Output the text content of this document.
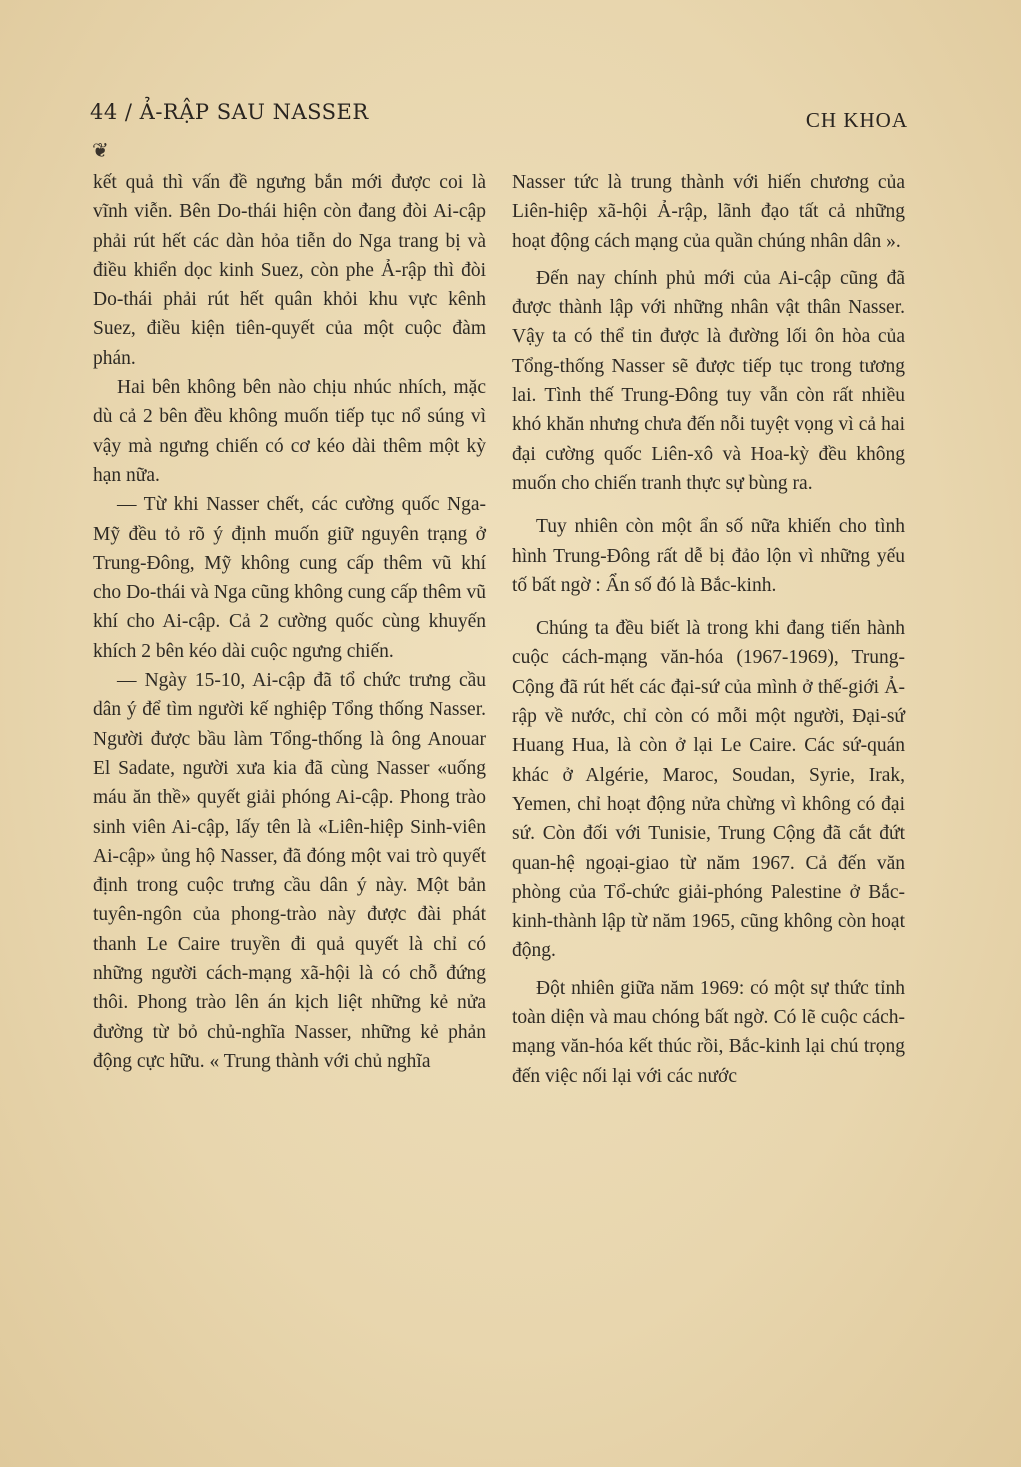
44 / Ả-RẬP SAU NASSER	CH KHOA
❦

kết quả thì vấn đề ngưng bắn mới được coi là vĩnh viễn. Bên Do-thái hiện còn đang đòi Ai-cập phải rút hết các dàn hỏa tiễn do Nga trang bị và điều khiển dọc kinh Suez, còn phe Ả-rập thì đòi Do-thái phải rút hết quân khỏi khu vực kênh Suez, điều kiện tiên-quyết của một cuộc đàm phán.

Hai bên không bên nào chịu nhúc nhích, mặc dù cả 2 bên đều không muốn tiếp tục nổ súng vì vậy mà ngưng chiến có cơ kéo dài thêm một kỳ hạn nữa.

— Từ khi Nasser chết, các cường quốc Nga-Mỹ đều tỏ rõ ý định muốn giữ nguyên trạng ở Trung-Đông, Mỹ không cung cấp thêm vũ khí cho Do-thái và Nga cũng không cung cấp thêm vũ khí cho Ai-cập. Cả 2 cường quốc cùng khuyến khích 2 bên kéo dài cuộc ngưng chiến.

— Ngày 15-10, Ai-cập đã tổ chức trưng cầu dân ý để tìm người kế nghiệp Tổng thống Nasser. Người được bầu làm Tổng-thống là ông Anouar El Sadate, người xưa kia đã cùng Nasser «uống máu ăn thề» quyết giải phóng Ai-cập. Phong trào sinh viên Ai-cập, lấy tên là «Liên-hiệp Sinh-viên Ai-cập» ủng hộ Nasser, đã đóng một vai trò quyết định trong cuộc trưng cầu dân ý này. Một bản tuyên-ngôn của phong-trào này được đài phát thanh Le Caire truyền đi quả quyết là chỉ có những người cách-mạng xã-hội là có chỗ đứng thôi. Phong trào lên án kịch liệt những kẻ nửa đường từ bỏ chủ-nghĩa Nasser, những kẻ phản động cực hữu. « Trung thành với chủ nghĩa

Nasser tức là trung thành với hiến chương của Liên-hiệp xã-hội Ả-rập, lãnh đạo tất cả những hoạt động cách mạng của quần chúng nhân dân ».

Đến nay chính phủ mới của Ai-cập cũng đã được thành lập với những nhân vật thân Nasser. Vậy ta có thể tin được là đường lối ôn hòa của Tổng-thống Nasser sẽ được tiếp tục trong tương lai. Tình thế Trung-Đông tuy vẫn còn rất nhiều khó khăn nhưng chưa đến nỗi tuyệt vọng vì cả hai đại cường quốc Liên-xô và Hoa-kỳ đều không muốn cho chiến tranh thực sự bùng ra.

Tuy nhiên còn một ẩn số nữa khiến cho tình hình Trung-Đông rất dễ bị đảo lộn vì những yếu tố bất ngờ : Ẩn số đó là Bắc-kinh.

Chúng ta đều biết là trong khi đang tiến hành cuộc cách-mạng văn-hóa (1967-1969), Trung-Cộng đã rút hết các đại-sứ của mình ở thế-giới Ả-rập về nước, chỉ còn có mỗi một người, Đại-sứ Huang Hua, là còn ở lại Le Caire. Các sứ-quán khác ở Algérie, Maroc, Soudan, Syrie, Irak, Yemen, chỉ hoạt động nửa chừng vì không có đại sứ. Còn đối với Tunisie, Trung Cộng đã cắt đứt quan-hệ ngoại-giao từ năm 1967. Cả đến văn phòng của Tổ-chức giải-phóng Palestine ở Bắc-kinh-thành lập từ năm 1965, cũng không còn hoạt động.

Đột nhiên giữa năm 1969: có một sự thức tỉnh toàn diện và mau chóng bất ngờ. Có lẽ cuộc cách-mạng văn-hóa kết thúc rồi, Bắc-kinh lại chú trọng đến việc nối lại với các nước
